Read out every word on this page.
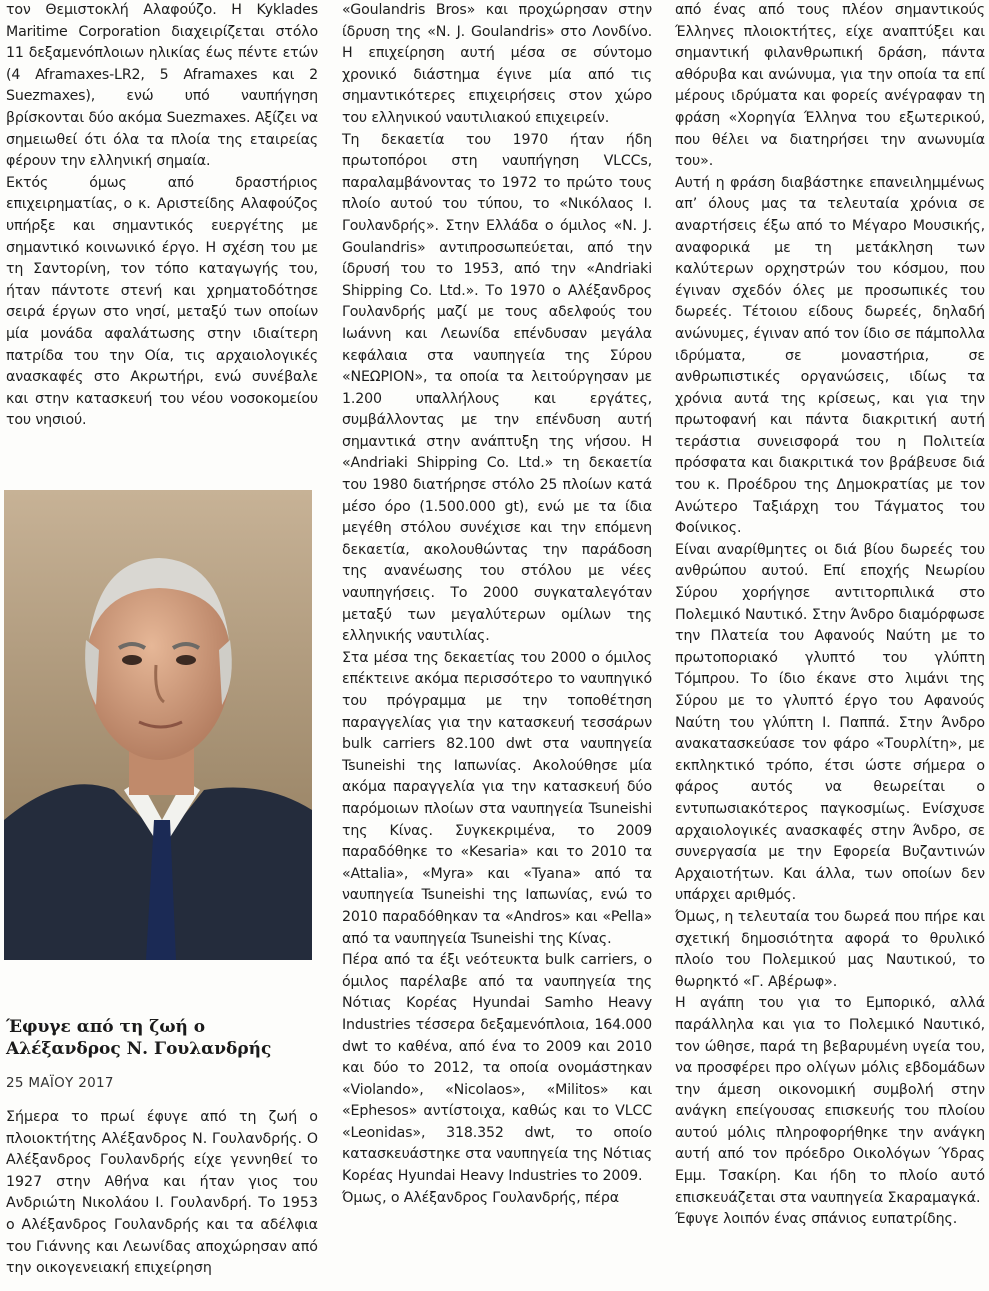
τον Θεμιστοκλή Αλαφούζο. Η Kyklades Maritime Corporation διαχειρίζεται στόλο 11 δεξαμενόπλοιων ηλικίας έως πέντε ετών (4 Aframaxes-LR2, 5 Aframaxes και 2 Suezmaxes), ενώ υπό ναυπήγηση βρίσκονται δύο ακόμα Suezmaxes. Αξίζει να σημειωθεί ότι όλα τα πλοία της εταιρείας φέρουν την ελληνική σημαία.

Εκτός όμως από δραστήριος επιχειρηματίας, ο κ. Αριστείδης Αλαφούζος υπήρξε και σημαντικός ευεργέτης με σημαντικό κοινωνικό έργο. Η σχέση του με τη Σαντορίνη, τον τόπο καταγωγής του, ήταν πάντοτε στενή και χρηματοδότησε σειρά έργων στο νησί, μεταξύ των οποίων μία μονάδα αφαλάτωσης στην ιδιαίτερη πατρίδα του την Οία, τις αρχαιολογικές ανασκαφές στο Ακρωτήρι, ενώ συνέβαλε και στην κατασκευή του νέου νοσοκομείου του νησιού.

Έφυγε από τη ζωή ο Αλέξανδρος Ν. Γουλανδρής
25 ΜΑΪΟΥ 2017

Σήμερα το πρωί έφυγε από τη ζωή ο πλοιοκτήτης Αλέξανδρος Ν. Γουλανδρής. Ο Αλέξανδρος Γουλανδρής είχε γεννηθεί το 1927 στην Αθήνα και ήταν γιος του Ανδριώτη Νικολάου Ι. Γουλανδρή. Το 1953 ο Αλέξανδρος Γουλανδρής και τα αδέλφια του Γιάννης και Λεωνίδας αποχώρησαν από την οικογενειακή επιχείρηση

«Goulandris Bros» και προχώρησαν στην ίδρυση της «N. J. Goulandris» στο Λονδίνο. Η επιχείρηση αυτή μέσα σε σύντομο χρονικό διάστημα έγινε μία από τις σημαντικότερες επιχειρήσεις στον χώρο του ελληνικού ναυτιλιακού επιχειρείν.

Τη δεκαετία του 1970 ήταν ήδη πρωτοπόροι στη ναυπήγηση VLCCs, παραλαμβάνοντας το 1972 το πρώτο τους πλοίο αυτού του τύπου, το «Νικόλαος Ι. Γουλανδρής». Στην Ελλάδα ο όμιλος «N. J. Goulandris» αντιπροσωπεύεται, από την ίδρυσή του το 1953, από την «Andriaki Shipping Co. Ltd.». Το 1970 ο Αλέξανδρος Γουλανδρής μαζί με τους αδελφούς του Ιωάννη και Λεωνίδα επένδυσαν μεγάλα κεφάλαια στα ναυπηγεία της Σύρου «ΝΕΩΡΙΟΝ», τα οποία τα λειτούργησαν με 1.200 υπαλλήλους και εργάτες, συμβάλλοντας με την επένδυση αυτή σημαντικά στην ανάπτυξη της νήσου. Η «Andriaki Shipping Co. Ltd.» τη δεκαετία του 1980 διατήρησε στόλο 25 πλοίων κατά μέσο όρο (1.500.000 gt), ενώ με τα ίδια μεγέθη στόλου συνέχισε και την επόμενη δεκαετία, ακολουθώντας την παράδοση της ανανέωσης του στόλου με νέες ναυπηγήσεις. Το 2000 συγκαταλεγόταν μεταξύ των μεγαλύτερων ομίλων της ελληνικής ναυτιλίας.

Στα μέσα της δεκαετίας του 2000 ο όμιλος επέκτεινε ακόμα περισσότερο το ναυπηγικό του πρόγραμμα με την τοποθέτηση παραγγελίας για την κατασκευή τεσσάρων bulk carriers 82.100 dwt στα ναυπηγεία Tsuneishi της Ιαπωνίας. Ακολούθησε μία ακόμα παραγγελία για την κατασκευή δύο παρόμοιων πλοίων στα ναυπηγεία Tsuneishi της Κίνας. Συγκεκριμένα, το 2009 παραδόθηκε το «Kesaria» και το 2010 τα «Attalia», «Myra» και «Tyana» από τα ναυπηγεία Tsuneishi της Ιαπωνίας, ενώ το 2010 παραδόθηκαν τα «Andros» και «Pella» από τα ναυπηγεία Tsuneishi της Κίνας.

Πέρα από τα έξι νεότευκτα bulk carriers, ο όμιλος παρέλαβε από τα ναυπηγεία της Νότιας Κορέας Hyundai Samho Heavy Industries τέσσερα δεξαμενόπλοια, 164.000 dwt το καθένα, από ένα το 2009 και 2010 και δύο το 2012, τα οποία ονομάστηκαν «Violando», «Nicolaos», «Militos» και «Ephesos» αντίστοιχα, καθώς και το VLCC «Leonidas», 318.352 dwt, το οποίο κατασκευάστηκε στα ναυπηγεία της Νότιας Κορέας Hyundai Heavy Industries το 2009.

Όμως, ο Αλέξανδρος Γουλανδρής, πέρα

από ένας από τους πλέον σημαντικούς Έλληνες πλοιοκτήτες, είχε αναπτύξει και σημαντική φιλανθρωπική δράση, πάντα αθόρυβα και ανώνυμα, για την οποία τα επί μέρους ιδρύματα και φορείς ανέγραφαν τη φράση «Χορηγία Έλληνα του εξωτερικού, που θέλει να διατηρήσει την ανωνυμία του».

Αυτή η φράση διαβάστηκε επανειλημμένως απ’ όλους μας τα τελευταία χρόνια σε αναρτήσεις έξω από το Μέγαρο Μουσικής, αναφορικά με τη μετάκληση των καλύτερων ορχηστρών του κόσμου, που έγιναν σχεδόν όλες με προσωπικές του δωρεές. Τέτοιου είδους δωρεές, δηλαδή ανώνυμες, έγιναν από τον ίδιο σε πάμπολλα ιδρύματα, σε μοναστήρια, σε ανθρωπιστικές οργανώσεις, ιδίως τα χρόνια αυτά της κρίσεως, και για την πρωτοφανή και πάντα διακριτική αυτή τεράστια συνεισφορά του η Πολιτεία πρόσφατα και διακριτικά τον βράβευσε διά του κ. Προέδρου της Δημοκρατίας με τον Ανώτερο Ταξιάρχη του Τάγματος του Φοίνικος.

Είναι αναρίθμητες οι διά βίου δωρεές του ανθρώπου αυτού. Επί εποχής Νεωρίου Σύρου χορήγησε αντιτορπιλικά στο Πολεμικό Ναυτικό. Στην Άνδρο διαμόρφωσε την Πλατεία του Αφανούς Ναύτη με το πρωτοποριακό γλυπτό του γλύπτη Τόμπρου. Το ίδιο έκανε στο λιμάνι της Σύρου με το γλυπτό έργο του Αφανούς Ναύτη του γλύπτη Ι. Παππά. Στην Άνδρο ανακατασκεύασε τον φάρο «Τουρλίτη», με εκπληκτικό τρόπο, έτσι ώστε σήμερα ο φάρος αυτός να θεωρείται ο εντυπωσιακότερος παγκοσμίως. Ενίσχυσε αρχαιολογικές ανασκαφές στην Άνδρο, σε συνεργασία με την Εφορεία Βυζαντινών Αρχαιοτήτων. Και άλλα, των οποίων δεν υπάρχει αριθμός.

Όμως, η τελευταία του δωρεά που πήρε και σχετική δημοσιότητα αφορά το θρυλικό πλοίο του Πολεμικού μας Ναυτικού, το θωρηκτό «Γ. Αβέρωφ».

Η αγάπη του για το Εμπορικό, αλλά παράλληλα και για το Πολεμικό Ναυτικό, τον ώθησε, παρά τη βεβαρυμένη υγεία του, να προσφέρει προ ολίγων μόλις εβδομάδων την άμεση οικονομική συμβολή στην ανάγκη επείγουσας επισκευής του πλοίου αυτού μόλις πληροφορήθηκε την ανάγκη αυτή από τον πρόεδρο Οικολόγων Ύδρας Εμμ. Τσακίρη. Και ήδη το πλοίο αυτό επισκευάζεται στα ναυπηγεία Σκαραμαγκά.

Έφυγε λοιπόν ένας σπάνιος ευπατρίδης.
